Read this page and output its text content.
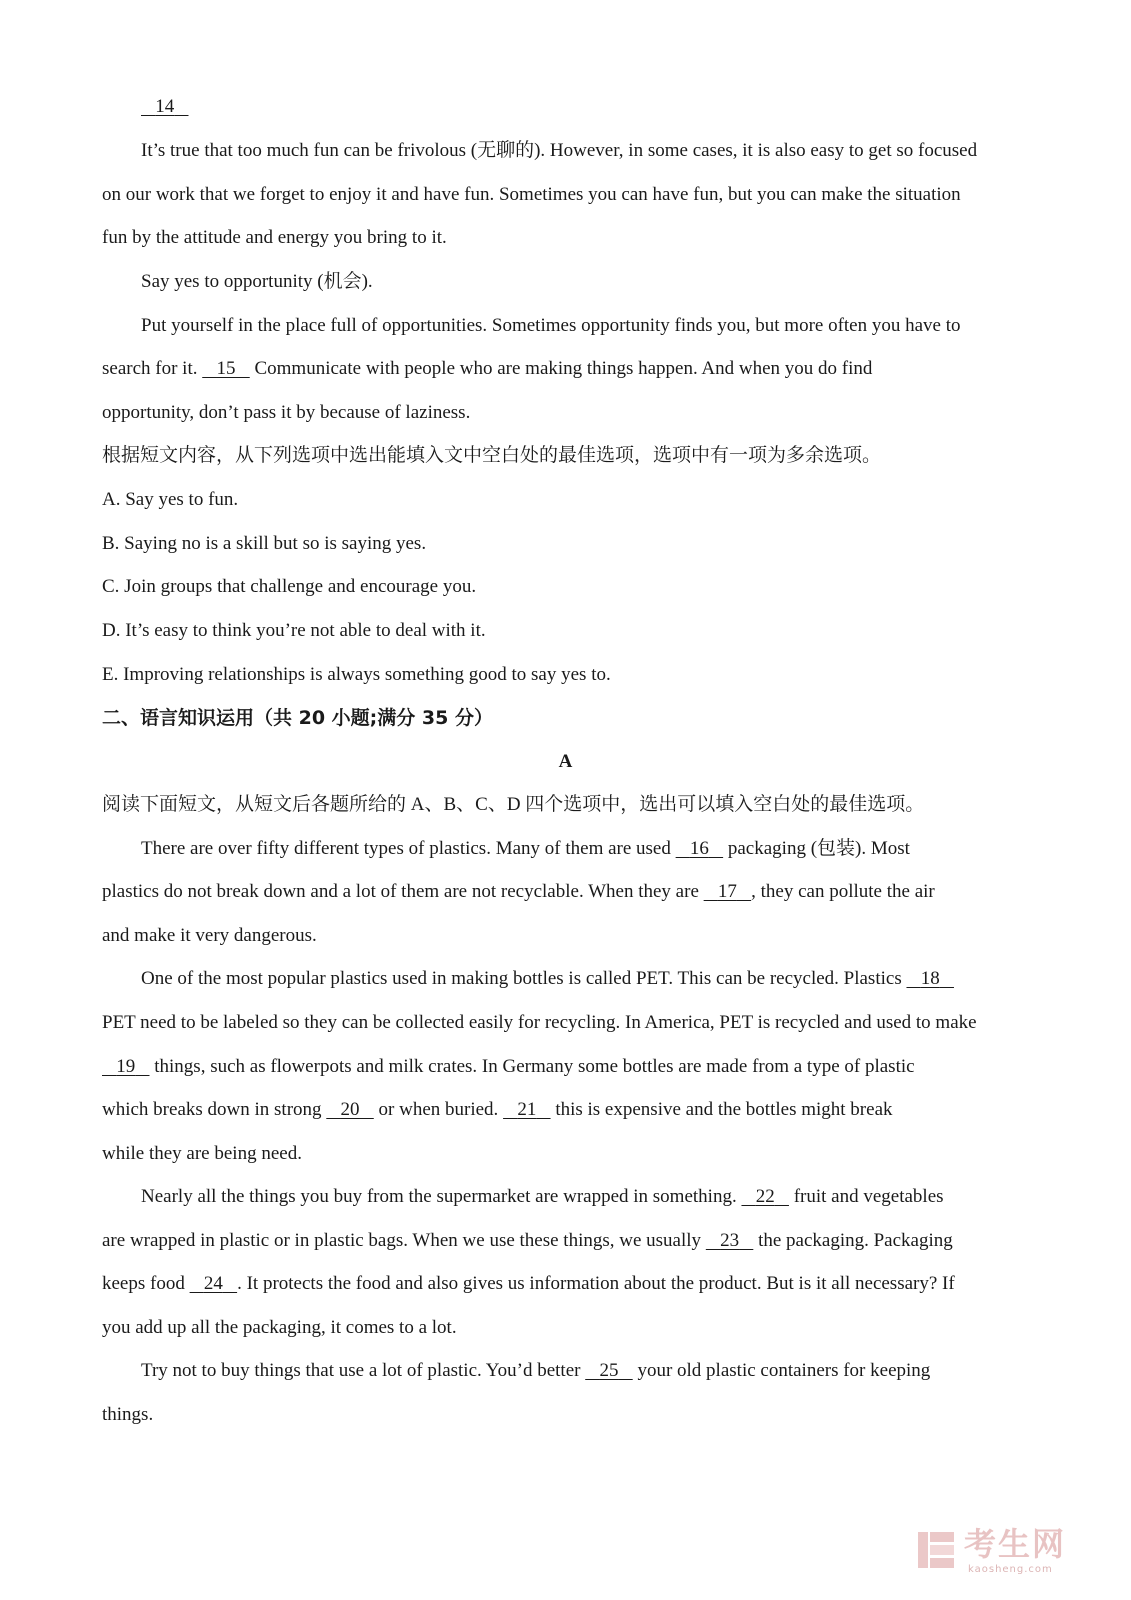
14
It’s true that too much fun can be frivolous (无聊的). However, in some cases, it is also easy to get so focused
on our work that we forget to enjoy it and have fun. Sometimes you can have fun, but you can make the situation
fun by the attitude and energy you bring to it.
Say yes to opportunity (机会).
Put yourself in the place full of opportunities. Sometimes opportunity finds you, but more often you have to
search for it.    15    Communicate with people who are making things happen. And when you do find
opportunity, don’t pass it by because of laziness.
根据短文内容，从下列选项中选出能填入文中空白处的最佳选项，选项中有一项为多余选项。
A. Say yes to fun.
B. Saying no is a skill but so is saying yes.
C. Join groups that challenge and encourage you.
D. It’s easy to think you’re not able to deal with it.
E. Improving relationships is always something good to say yes to.
二、语言知识运用（共 20 小题;满分 35 分）
A
阅读下面短文，从短文后各题所给的 A、B、C、D 四个选项中，选出可以填入空白处的最佳选项。
There are over fifty different types of plastics. Many of them are used    16    packaging (包装). Most
plastics do not break down and a lot of them are not recyclable. When they are    17 , they can pollute the air
and make it very dangerous.
One of the most popular plastics used in making bottles is called PET. This can be recycled. Plastics    18
PET need to be labeled so they can be collected easily for recycling. In America, PET is recycled and used to make
19    things, such as flowerpots and milk crates. In Germany some bottles are made from a type of plastic
which breaks down in strong    20    or when buried.    21    this is expensive and the bottles might break
while they are being need.
Nearly all the things you buy from the supermarket are wrapped in something.    22    fruit and vegetables
are wrapped in plastic or in plastic bags. When we use these things, we usually    23    the packaging. Packaging
keeps food    24 . It protects the food and also gives us information about the product. But is it all necessary? If
you add up all the packaging, it comes to a lot.
Try not to buy things that use a lot of plastic. You’d better    25    your old plastic containers for keeping
things.
考生网
kaosheng.com
